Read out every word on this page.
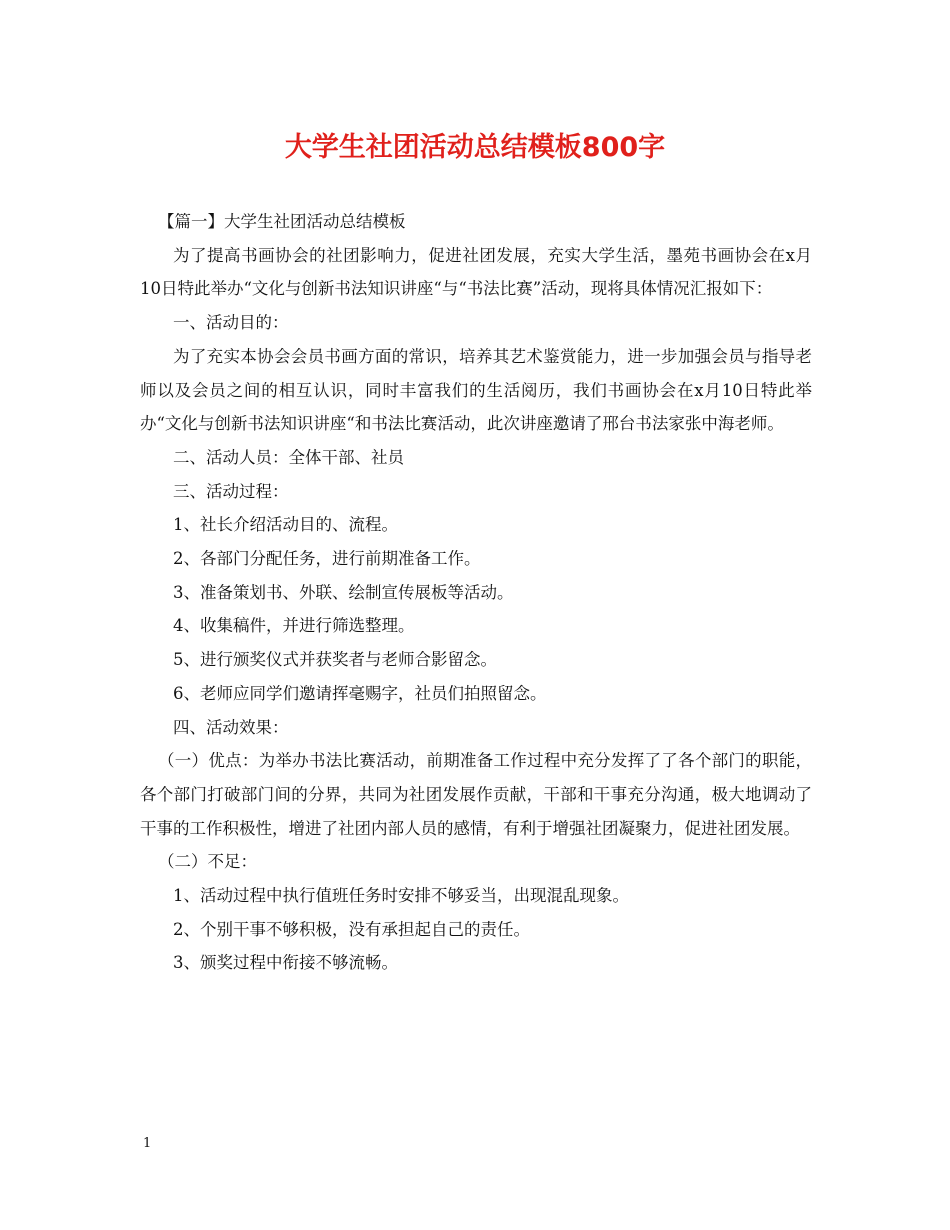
大学生社团活动总结模板800字

【篇一】大学生社团活动总结模板

为了提高书画协会的社团影响力，促进社团发展，充实大学生活，墨苑书画协会在x月10日特此举办“文化与创新书法知识讲座“与“书法比赛”活动，现将具体情况汇报如下：

一、活动目的：

为了充实本协会会员书画方面的常识，培养其艺术鉴赏能力，进一步加强会员与指导老师以及会员之间的相互认识，同时丰富我们的生活阅历，我们书画协会在x月10日特此举办“文化与创新书法知识讲座“和书法比赛活动，此次讲座邀请了邢台书法家张中海老师。

二、活动人员：全体干部、社员

三、活动过程：

1、社长介绍活动目的、流程。

2、各部门分配任务，进行前期准备工作。

3、准备策划书、外联、绘制宣传展板等活动。

4、收集稿件，并进行筛选整理。

5、进行颁奖仪式并获奖者与老师合影留念。

6、老师应同学们邀请挥毫赐字，社员们拍照留念。

四、活动效果：

（一）优点：为举办书法比赛活动，前期准备工作过程中充分发挥了了各个部门的职能，各个部门打破部门间的分界，共同为社团发展作贡献，干部和干事充分沟通，极大地调动了干事的工作积极性，增进了社团内部人员的感情，有利于增强社团凝聚力，促进社团发展。

（二）不足：

1、活动过程中执行值班任务时安排不够妥当，出现混乱现象。

2、个别干事不够积极，没有承担起自己的责任。

3、颁奖过程中衔接不够流畅。

1
